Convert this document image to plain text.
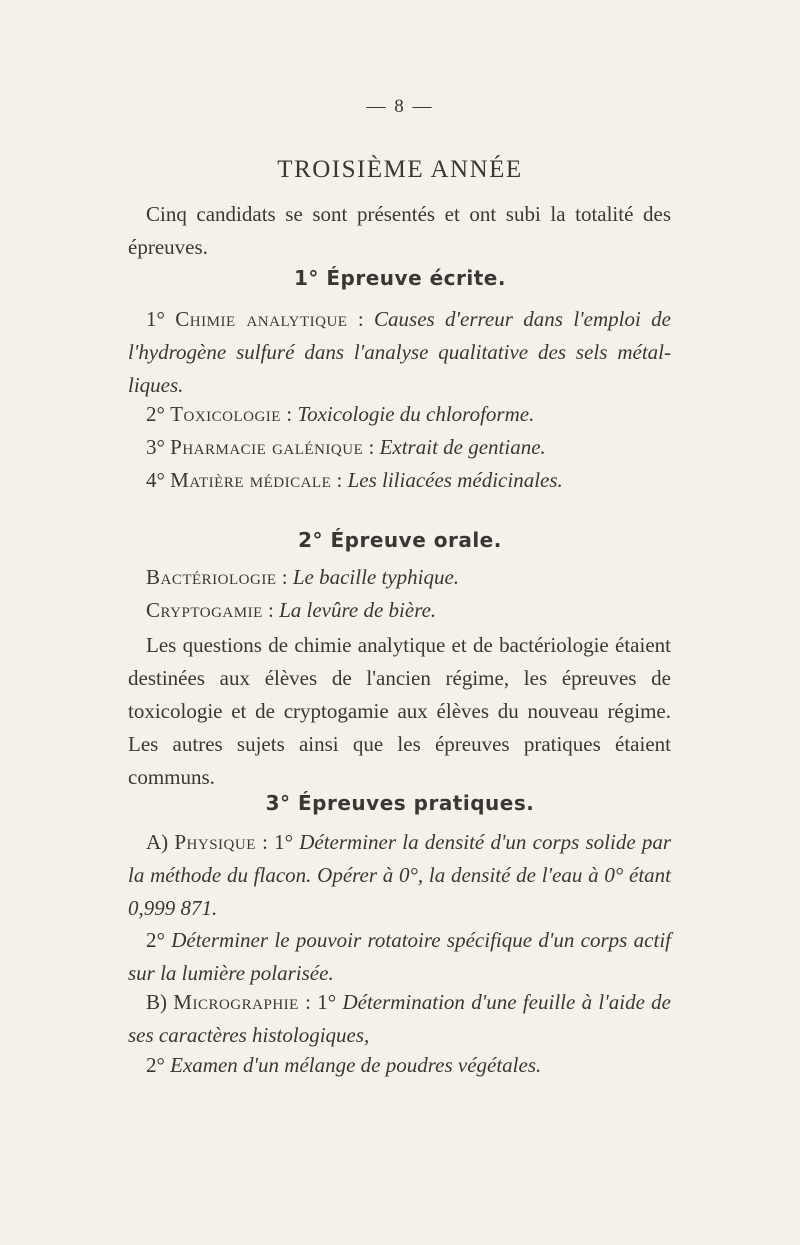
— 8 —
TROISIÈME ANNÉE
Cinq candidats se sont présentés et ont subi la totalité des épreuves.
1° Épreuve écrite.
1° Chimie analytique : Causes d'erreur dans l'emploi de l'hydrogène sulfuré dans l'analyse qualitative des sels métal-liques.
2° Toxicologie : Toxicologie du chloroforme.
3° Pharmacie galénique : Extrait de gentiane.
4° Matière médicale : Les liliacées médicinales.
2° Épreuve orale.
Bactériologie : Le bacille typhique.
Cryptogamie : La levûre de bière.
Les questions de chimie analytique et de bactériologie étaient destinées aux élèves de l'ancien régime, les épreuves de toxicologie et de cryptogamie aux élèves du nouveau régime. Les autres sujets ainsi que les épreuves pratiques étaient communs.
3° Épreuves pratiques.
A) Physique : 1° Déterminer la densité d'un corps solide par la méthode du flacon. Opérer à 0°, la densité de l'eau à 0° étant 0,999 871.
2° Déterminer le pouvoir rotatoire spécifique d'un corps actif sur la lumière polarisée.
B) Micrographie : 1° Détermination d'une feuille à l'aide de ses caractères histologiques,
2° Examen d'un mélange de poudres végétales.
